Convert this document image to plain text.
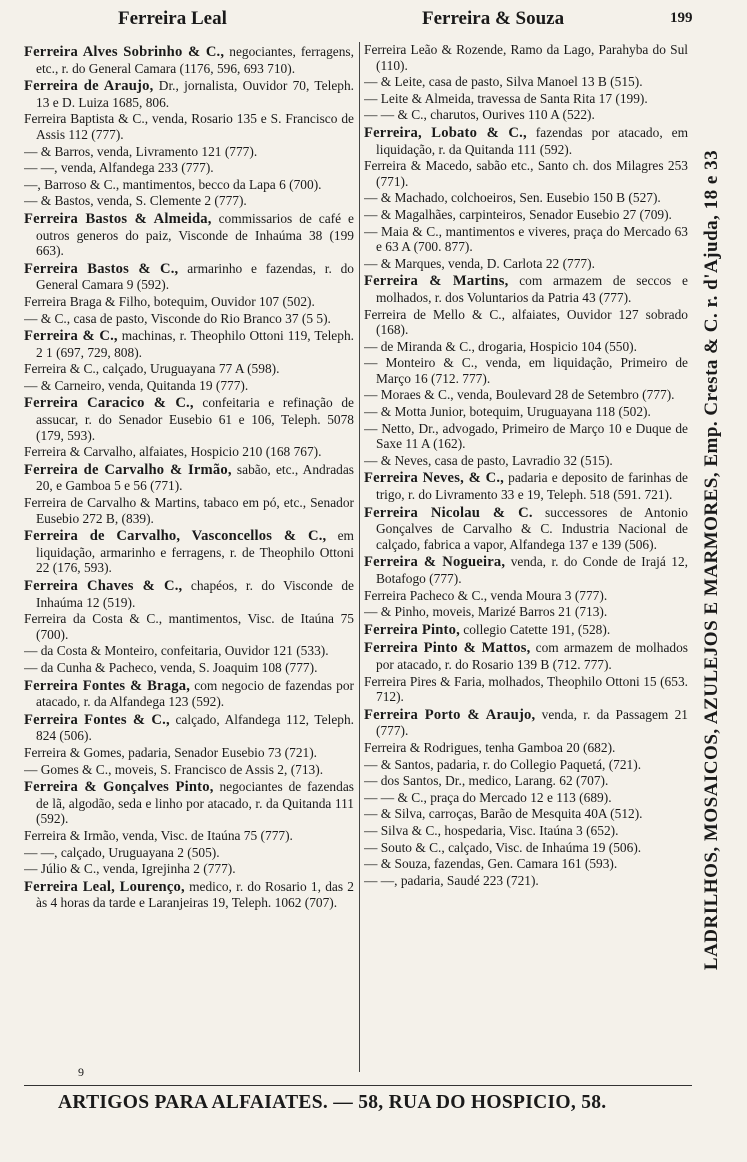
Ferreira Leal	Ferreira & Souza	199

Ferreira Alves Sobrinho & C., negociantes, ferragens, etc., r. do General Camara (1176, 596, 693 710).

Ferreira de Araujo, Dr., jornalista, Ouvidor 70, Teleph. 13 e D. Luiza 1685, 806.

Ferreira Baptista & C., venda, Rosario 135 e S. Francisco de Assis 112 (777).

— & Barros, venda, Livramento 121 (777).

— —, venda, Alfandega 233 (777).

—, Barroso & C., mantimentos, becco da Lapa 6 (700).

— & Bastos, venda, S. Clemente 2 (777).

Ferreira Bastos & Almeida, commissarios de café e outros generos do paiz, Visconde de Inhaúma 38 (199 663).

Ferreira Bastos & C., armarinho e fazendas, r. do General Camara 9 (592).

Ferreira Braga & Filho, botequim, Ouvidor 107 (502).

— & C., casa de pasto, Visconde do Rio Branco 37 (5 5).

Ferreira & C., machinas, r. Theophilo Ottoni 119, Teleph. 2 1 (697, 729, 808).

Ferreira & C., calçado, Uruguayana 77 A (598).

— & Carneiro, venda, Quitanda 19 (777).

Ferreira Caracico & C., confeitaria e refinação de assucar, r. do Senador Eusebio 61 e 106, Teleph. 5078 (179, 593).

Ferreira & Carvalho, alfaiates, Hospicio 210 (168 767).

Ferreira de Carvalho & Irmão, sabão, etc., Andradas 20, e Gamboa 5 e 56 (771).

Ferreira de Carvalho & Martins, tabaco em pó, etc., Senador Eusebio 272 B, (839).

Ferreira de Carvalho, Vasconcellos & C., em liquidação, armarinho e ferragens, r. de Theophilo Ottoni 22 (176, 593).

Ferreira Chaves & C., chapéos, r. do Visconde de Inhaúma 12 (519).

Ferreira da Costa & C., mantimentos, Visc. de Itaúna 75 (700).

— da Costa & Monteiro, confeitaria, Ouvidor 121 (533).

— da Cunha & Pacheco, venda, S. Joaquim 108 (777).

Ferreira Fontes & Braga, com negocio de fazendas por atacado, r. da Alfandega 123 (592).

Ferreira Fontes & C., calçado, Alfandega 112, Teleph. 824 (506).

Ferreira & Gomes, padaria, Senador Eusebio 73 (721).

— Gomes & C., moveis, S. Francisco de Assis 2, (713).

Ferreira & Gonçalves Pinto, negociantes de fazendas de lã, algodão, seda e linho por atacado, r. da Quitanda 111 (592).

Ferreira & Irmão, venda, Visc. de Itaúna 75 (777).

— —, calçado, Uruguayana 2 (505).

— Júlio & C., venda, Igrejinha 2 (777).

Ferreira Leal, Lourenço, medico, r. do Rosario 1, das 2 às 4 horas da tarde e Laranjeiras 19, Teleph. 1062 (707).

Ferreira Leão & Rozende, Ramo da Lago, Parahyba do Sul (110).

— & Leite, casa de pasto, Silva Manoel 13 B (515).

— Leite & Almeida, travessa de Santa Rita 17 (199).

— — & C., charutos, Ourives 110 A (522).

Ferreira, Lobato & C., fazendas por atacado, em liquidação, r. da Quitanda 111 (592).

Ferreira & Macedo, sabão etc., Santo ch. dos Milagres 253 (771).

— & Machado, colchoeiros, Sen. Eusebio 150 B (527).

— & Magalhães, carpinteiros, Senador Eusebio 27 (709).

— Maia & C., mantimentos e viveres, praça do Mercado 63 e 63 A (700. 877).

— & Marques, venda, D. Carlota 22 (777).

Ferreira & Martins, com armazem de seccos e molhados, r. dos Voluntarios da Patria 43 (777).

Ferreira de Mello & C., alfaiates, Ouvidor 127 sobrado (168).

— de Miranda & C., drogaria, Hospicio 104 (550).

— Monteiro & C., venda, em liquidação, Primeiro de Março 16 (712. 777).

— Moraes & C., venda, Boulevard 28 de Setembro (777).

— & Motta Junior, botequim, Uruguayana 118 (502).

— Netto, Dr., advogado, Primeiro de Março 10 e Duque de Saxe 11 A (162).

— & Neves, casa de pasto, Lavradio 32 (515).

Ferreira Neves, & C., padaria e deposito de farinhas de trigo, r. do Livramento 33 e 19, Teleph. 518 (591. 721).

Ferreira Nicolau & C. successores de Antonio Gonçalves de Carvalho & C. Industria Nacional de calçado, fabrica a vapor, Alfandega 137 e 139 (506).

Ferreira & Nogueira, venda, r. do Conde de Irajá 12, Botafogo (777).

Ferreira Pacheco & C., venda Moura 3 (777).

— & Pinho, moveis, Marizé Barros 21 (713).

Ferreira Pinto, collegio Catette 191, (528).

Ferreira Pinto & Mattos, com armazem de molhados por atacado, r. do Rosario 139 B (712. 777).

Ferreira Pires & Faria, molhados, Theophilo Ottoni 15 (653. 712).

Ferreira Porto & Araujo, venda, r. da Passagem 21 (777).

Ferreira & Rodrigues, tenha Gamboa 20 (682).

— & Santos, padaria, r. do Collegio Paquetá, (721).

— dos Santos, Dr., medico, Larang. 62 (707).

— — & C., praça do Mercado 12 e 113 (689).

— & Silva, carroças, Barão de Mesquita 40A (512).

— Silva & C., hospedaria, Visc. Itaúna 3 (652).

— Souto & C., calçado, Visc. de Inhaúma 19 (506).

— & Souza, fazendas, Gen. Camara 161 (593).

— —, padaria, Saudé 223 (721).	LADRILHOS, MOSAICOS, AZULEJOS E MARMORES, Emp. Cresta & C. r. d'Ajuda, 18 e 33
9
ARTIGOS PARA ALFAIATES. — 58, RUA DO HOSPICIO, 58.
